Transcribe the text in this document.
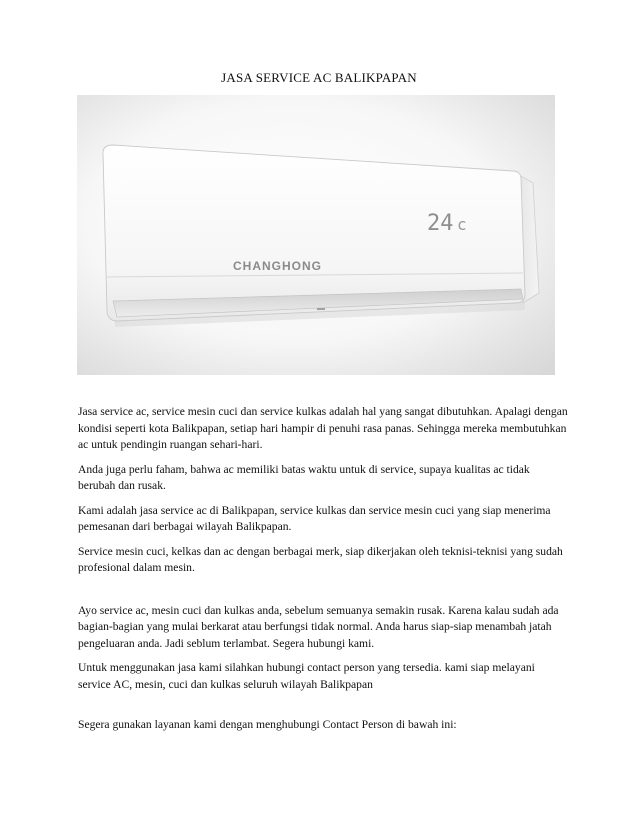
JASA SERVICE AC BALIKPAPAN
CHANGHONG
24 c

Jasa service ac, service mesin cuci dan service kulkas adalah hal yang sangat dibutuhkan. Apalagi dengan kondisi seperti kota Balikpapan, setiap hari hampir di penuhi rasa panas. Sehingga mereka membutuhkan ac untuk pendingin ruangan sehari-hari.

Anda juga perlu faham, bahwa ac memiliki batas waktu untuk di service, supaya kualitas ac tidak berubah dan rusak.

Kami adalah jasa service ac di Balikpapan, service kulkas dan service mesin cuci yang siap menerima pemesanan dari berbagai wilayah Balikpapan.

Service mesin cuci, kelkas dan ac dengan berbagai merk, siap dikerjakan oleh teknisi-teknisi yang sudah profesional dalam mesin.

Ayo service ac, mesin cuci dan kulkas anda, sebelum semuanya semakin rusak. Karena kalau sudah ada bagian-bagian yang mulai berkarat atau berfungsi tidak normal. Anda harus siap-siap menambah jatah pengeluaran anda. Jadi seblum terlambat. Segera hubungi kami.

Untuk menggunakan jasa kami silahkan hubungi contact person yang tersedia. kami siap melayani service AC, mesin, cuci dan kulkas seluruh wilayah Balikpapan

Segera gunakan layanan kami dengan menghubungi Contact Person di bawah ini:
